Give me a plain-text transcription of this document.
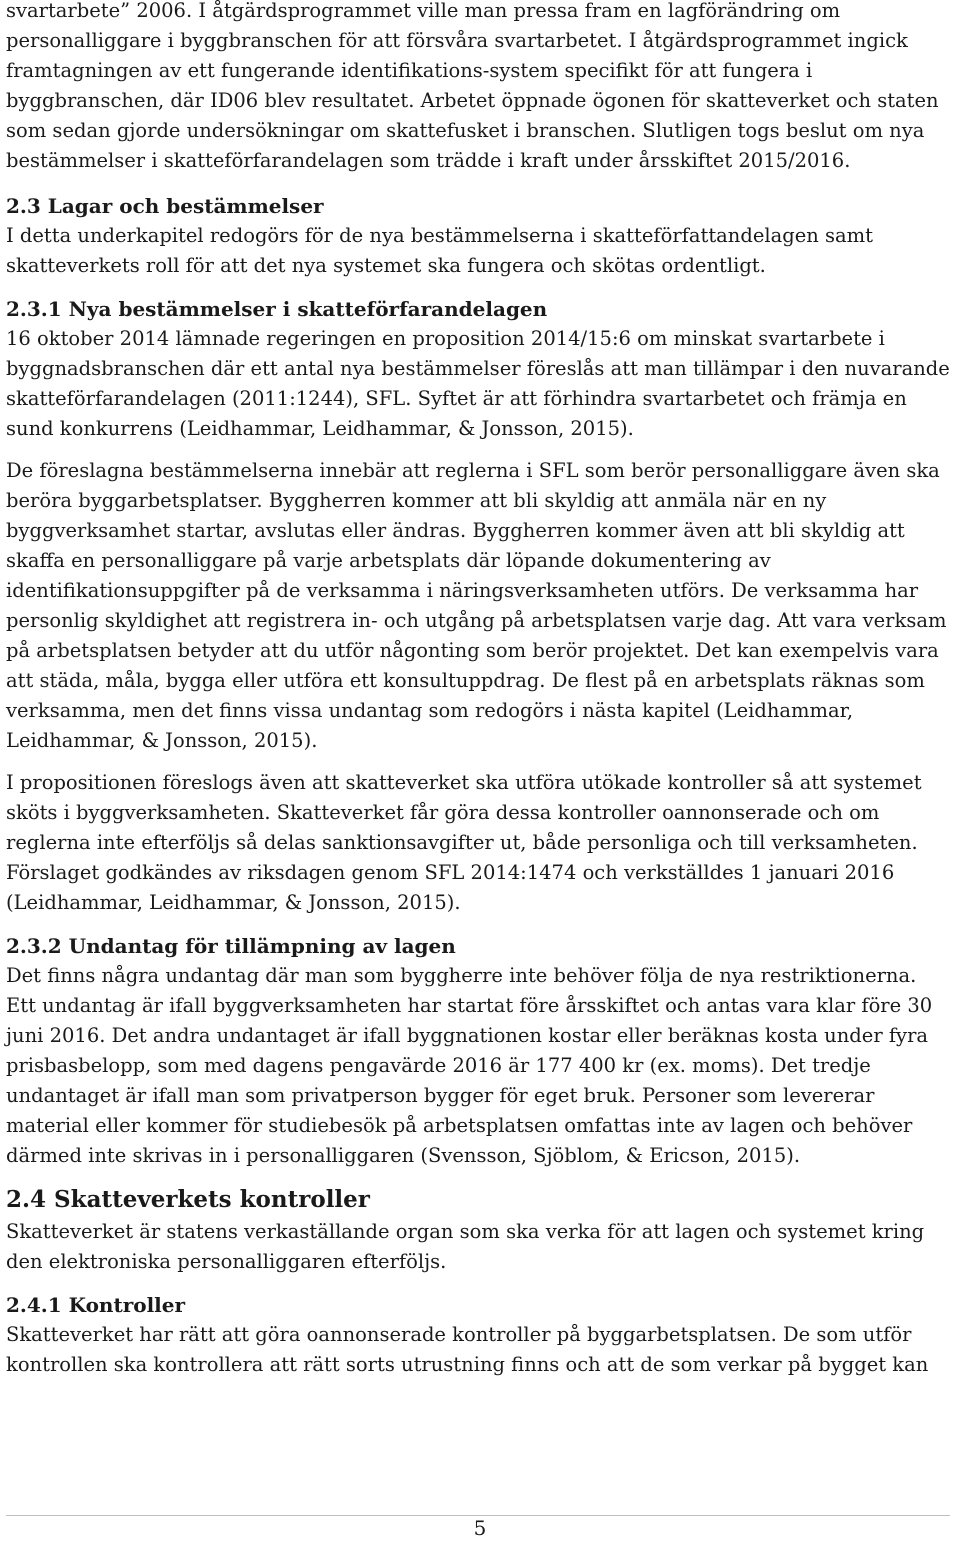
svartarbete” 2006. I åtgärdsprogrammet ville man pressa fram en lagförändring om personalliggare i byggbranschen för att försvåra svartarbetet. I åtgärdsprogrammet ingick framtagningen av ett fungerande identifikations-system specifikt för att fungera i byggbranschen, där ID06 blev resultatet. Arbetet öppnade ögonen för skatteverket och staten som sedan gjorde undersökningar om skattefusket i branschen. Slutligen togs beslut om nya bestämmelser i skatteförfarandelagen som trädde i kraft under årsskiftet 2015/2016.

2.3 Lagar och bestämmelser

I detta underkapitel redogörs för de nya bestämmelserna i skatteförfattandelagen samt skatteverkets roll för att det nya systemet ska fungera och skötas ordentligt.

2.3.1 Nya bestämmelser i skatteförfarandelagen

16 oktober 2014 lämnade regeringen en proposition 2014/15:6 om minskat svartarbete i byggnadsbranschen där ett antal nya bestämmelser föreslås att man tillämpar i den nuvarande skatteförfarandelagen (2011:1244), SFL. Syftet är att förhindra svartarbetet och främja en sund konkurrens (Leidhammar, Leidhammar, & Jonsson, 2015).

De föreslagna bestämmelserna innebär att reglerna i SFL som berör personalliggare även ska beröra byggarbetsplatser. Byggherren kommer att bli skyldig att anmäla när en ny byggverksamhet startar, avslutas eller ändras. Byggherren kommer även att bli skyldig att skaffa en personalliggare på varje arbetsplats där löpande dokumentering av identifikationsuppgifter på de verksamma i näringsverksamheten utförs. De verksamma har personlig skyldighet att registrera in- och utgång på arbetsplatsen varje dag. Att vara verksam på arbetsplatsen betyder att du utför någonting som berör projektet. Det kan exempelvis vara att städa, måla, bygga eller utföra ett konsultuppdrag. De flest på en arbetsplats räknas som verksamma, men det finns vissa undantag som redogörs i nästa kapitel (Leidhammar, Leidhammar, & Jonsson, 2015).

I propositionen föreslogs även att skatteverket ska utföra utökade kontroller så att systemet sköts i byggverksamheten. Skatteverket får göra dessa kontroller oannonserade och om reglerna inte efterföljs så delas sanktionsavgifter ut, både personliga och till verksamheten. Förslaget godkändes av riksdagen genom SFL 2014:1474 och verkställdes 1 januari 2016 (Leidhammar, Leidhammar, & Jonsson, 2015).

2.3.2 Undantag för tillämpning av lagen

Det finns några undantag där man som byggherre inte behöver följa de nya restriktionerna. Ett undantag är ifall byggverksamheten har startat före årsskiftet och antas vara klar före 30 juni 2016. Det andra undantaget är ifall byggnationen kostar eller beräknas kosta under fyra prisbasbelopp, som med dagens pengavärde 2016 är 177 400 kr (ex. moms). Det tredje undantaget är ifall man som privatperson bygger för eget bruk. Personer som levererar material eller kommer för studiebesök på arbetsplatsen omfattas inte av lagen och behöver därmed inte skrivas in i personalliggaren (Svensson, Sjöblom, & Ericson, 2015).

2.4 Skatteverkets kontroller

Skatteverket är statens verkaställande organ som ska verka för att lagen och systemet kring den elektroniska personalliggaren efterföljs.

2.4.1 Kontroller

Skatteverket har rätt att göra oannonserade kontroller på byggarbetsplatsen. De som utför kontrollen ska kontrollera att rätt sorts utrustning finns och att de som verkar på bygget kan

5
